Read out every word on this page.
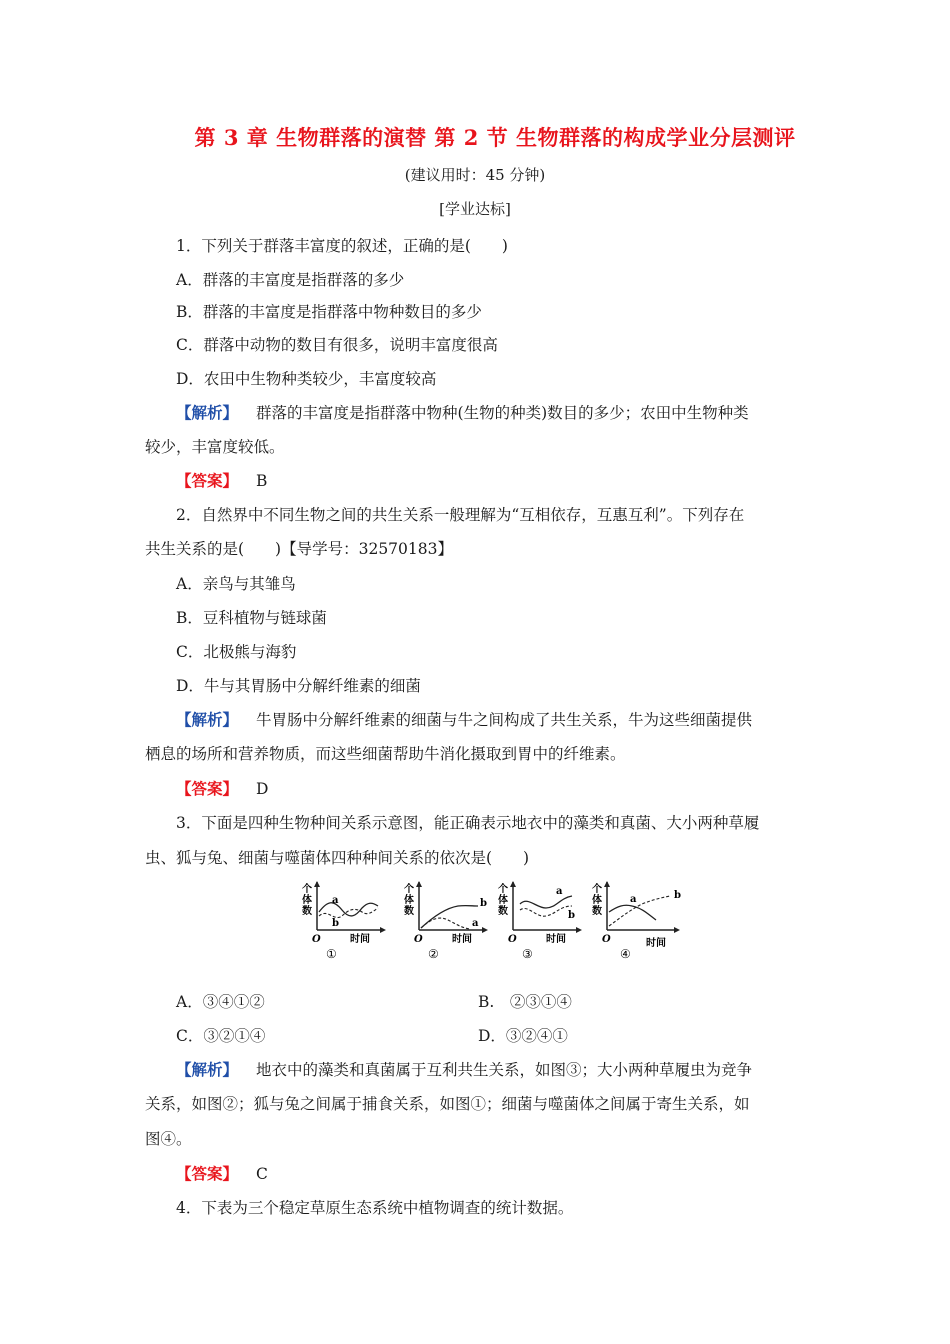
第 3 章 生物群落的演替 第 2 节 生物群落的构成学业分层测评
(建议用时：45 分钟)
[学业达标]
1．下列关于群落丰富度的叙述，正确的是(　　)
A．群落的丰富度是指群落的多少
B．群落的丰富度是指群落中物种数目的多少
C．群落中动物的数目有很多，说明丰富度很高
D．农田中生物种类较少，丰富度较高
【解析】 群落的丰富度是指群落中物种(生物的种类)数目的多少；农田中生物种类
较少，丰富度较低。
【答案】 B
2．自然界中不同生物之间的共生关系一般理解为“互相依存，互惠互利”。下列存在
共生关系的是(　　)【导学号：32570183】
A．亲鸟与其雏鸟
B．豆科植物与链球菌
C．北极熊与海豹
D．牛与其胃肠中分解纤维素的细菌
【解析】 牛胃肠中分解纤维素的细菌与牛之间构成了共生关系，牛为这些细菌提供
栖息的场所和营养物质，而这些细菌帮助牛消化摄取到胃中的纤维素。
【答案】 D
3．下面是四种生物种间关系示意图，能正确表示地衣中的藻类和真菌、大小两种草履
虫、狐与兔、细菌与噬菌体四种种间关系的依次是(　　)
个
体
数
a
b
O	时间
①
个
体
数
b
a
O	时间
②
个
体
数
a
b
O	时间
③
个
体
数
a	b
O	时间
④
A．③④①②	B.　②③①④
C．③②①④	D．③②④①
【解析】 地衣中的藻类和真菌属于互利共生关系，如图③；大小两种草履虫为竞争
关系，如图②；狐与兔之间属于捕食关系，如图①；细菌与噬菌体之间属于寄生关系，如
图④。
【答案】 C
4．下表为三个稳定草原生态系统中植物调查的统计数据。
